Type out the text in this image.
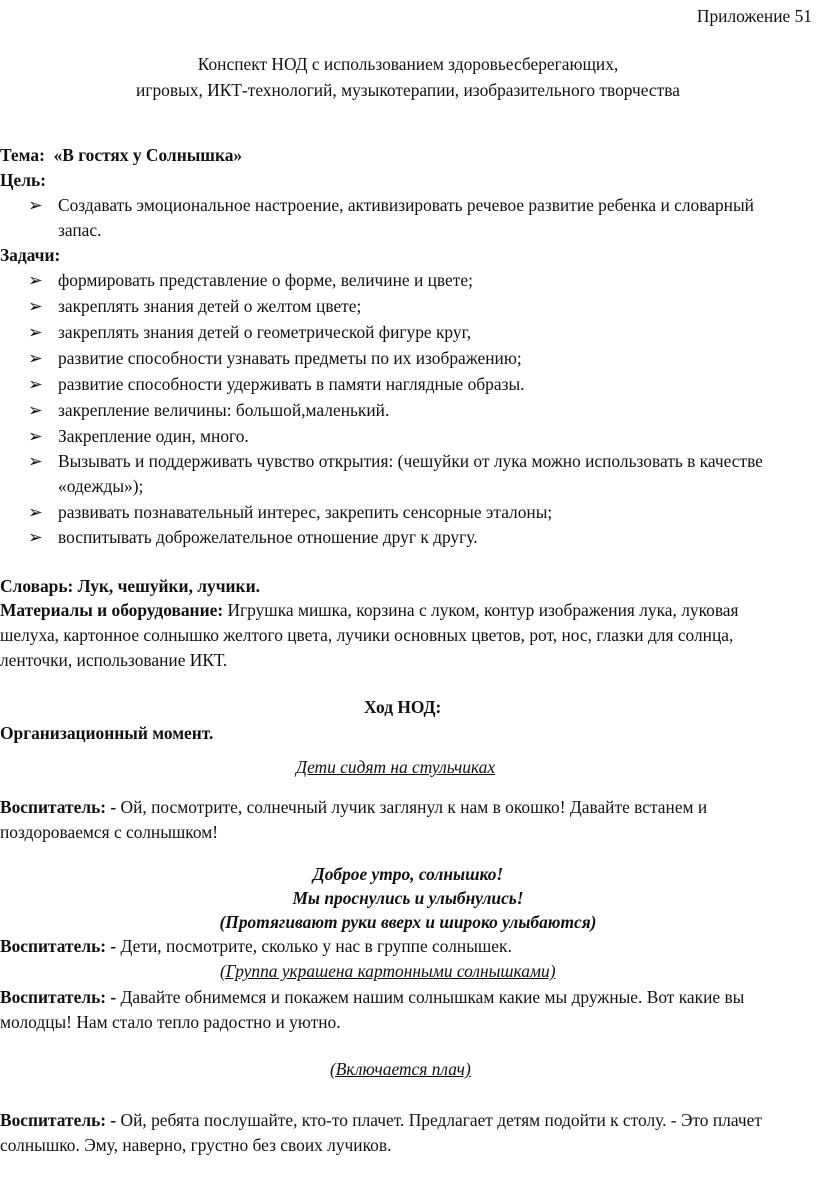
Приложение 51
Конспект НОД с использованием здоровьесберегающих,
игровых, ИКТ-технологий, музыкотерапии, изобразительного творчества
Тема: «В гостях у Солнышка»
Цель:
➢ Создавать эмоциональное настроение, активизировать речевое развитие ребенка и словарный запас.
Задачи:
➢ формировать представление о форме, величине и цвете;
➢ закреплять знания детей о желтом цвете;
➢ закреплять знания детей о геометрической фигуре круг,
➢ развитие способности узнавать предметы по их изображению;
➢ развитие способности удерживать в памяти наглядные образы.
➢ закрепление величины: большой,маленький.
➢ Закрепление один, много.
➢ Вызывать и поддерживать чувство открытия: (чешуйки от лука можно использовать в качестве «одежды»);
➢ развивать познавательный интерес, закрепить сенсорные эталоны;
➢ воспитывать доброжелательное отношение друг к другу.
Словарь: Лук, чешуйки, лучики.
Материалы и оборудование: Игрушка мишка, корзина с луком, контур изображения лука, луковая шелуха, картонное солнышко желтого цвета, лучики основных цветов, рот, нос, глазки для солнца, ленточки, использование ИКТ.
Ход НОД:
Организационный момент.
Дети сидят на стульчиках
Воспитатель: - Ой, посмотрите, солнечный лучик заглянул к нам в окошко! Давайте встанем и поздороваемся с солнышком!
Доброе утро, солнышко!
Мы проснулись и улыбнулись!
(Протягивают руки вверх и широко улыбаются)
Воспитатель: - Дети, посмотрите, сколько у нас в группе солнышек.
(Группа украшена картонными солнышками)
Воспитатель: - Давайте обнимемся и покажем нашим солнышкам какие мы дружные. Вот какие вы молодцы! Нам стало тепло радостно и уютно.
(Включается плач)
Воспитатель: - Ой, ребята послушайте, кто-то плачет. Предлагает детям подойти к столу. - Это плачет солнышко. Эму, наверно, грустно без своих лучиков.
